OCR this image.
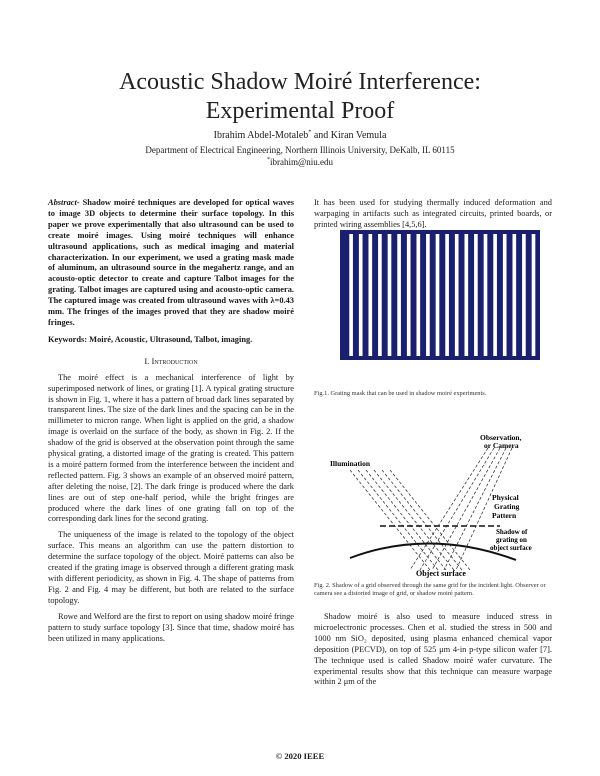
Acoustic Shadow Moiré Interference:
Experimental Proof
Ibrahim Abdel-Motaleb* and Kiran Vemula
Department of Electrical Engineering, Northern Illinois University, DeKalb, IL 60115
*ibrahim@niu.edu

Abstract- Shadow moiré techniques are developed for optical waves to image 3D objects to determine their surface topology. In this paper we prove experimentally that also ultrasound can be used to create moiré images. Using moiré techniques will enhance ultrasound applications, such as medical imaging and material characterization. In our experiment, we used a grating mask made of aluminum, an ultrasound source in the megahertz range, and an acousto-optic detector to create and capture Talbot images for the grating. Talbot images are captured using and acousto-optic camera. The captured image was created from ultrasound waves with λ=0.43 mm. The fringes of the images proved that they are shadow moiré fringes.

Keywords: Moiré, Acoustic, Ultrasound, Talbot, imaging.

I. Introduction

The moiré effect is a mechanical interference of light by superimposed network of lines, or grating [1]. A typical grating structure is shown in Fig. 1, where it has a pattern of broad dark lines separated by transparent lines. The size of the dark lines and the spacing can be in the millimeter to micron range. When light is applied on the grid, a shadow image is overlaid on the surface of the body, as shown in Fig. 2. If the shadow of the grid is observed at the observation point through the same physical grating, a distorted image of the grating is created. This pattern is a moiré pattern formed from the interference between the incident and reflected pattern. Fig. 3 shows an example of an observed moiré pattern, after deleting the noise, [2]. The dark fringe is produced where the dark lines are out of step one-half period, while the bright fringes are produced where the dark lines of one grating fall on top of the corresponding dark lines for the second grating.

The uniqueness of the image is related to the topology of the object surface. This means an algorithm can use the pattern distortion to determine the surface topology of the object. Moiré patterns can also be created if the grating image is observed through a different grating mask with different periodicity, as shown in Fig. 4. The shape of patterns from Fig. 2 and Fig. 4 may be different, but both are related to the surface topology.

Rowe and Welford are the first to report on using shadow moiré fringe pattern to study surface topology [3]. Since that time, shadow moiré has been utilized in many applications.

It has been used for studying thermally induced deformation and warpaging in artifacts such as integrated circuits, printed boards, or printed wiring assemblies [4,5,6].

Fig.1. Grating mask that can be used in shadow moiré experiments.

Illumination
Observation,
or Camera
Physical
Grating
Pattern
Shadow of
grating on
object surface
Object surface

Fig. 2. Shadow of a grid observed through the same grid for the incident light. Observer or camera see a distorted image of grid, or shadow moiré pattern.

Shadow moiré is also used to measure induced stress in microelectronic processes. Chen et al. studied the stress in 500 and 1000 nm SiO₂ deposited, using plasma enhanced chemical vapor deposition (PECVD), on top of 525 μm 4-in p-type silicon wafer [7]. The technique used is called Shadow moiré wafer curvature. The experimental results show that this technique can measure warpage within 2 μm of the

© 2020 IEEE
